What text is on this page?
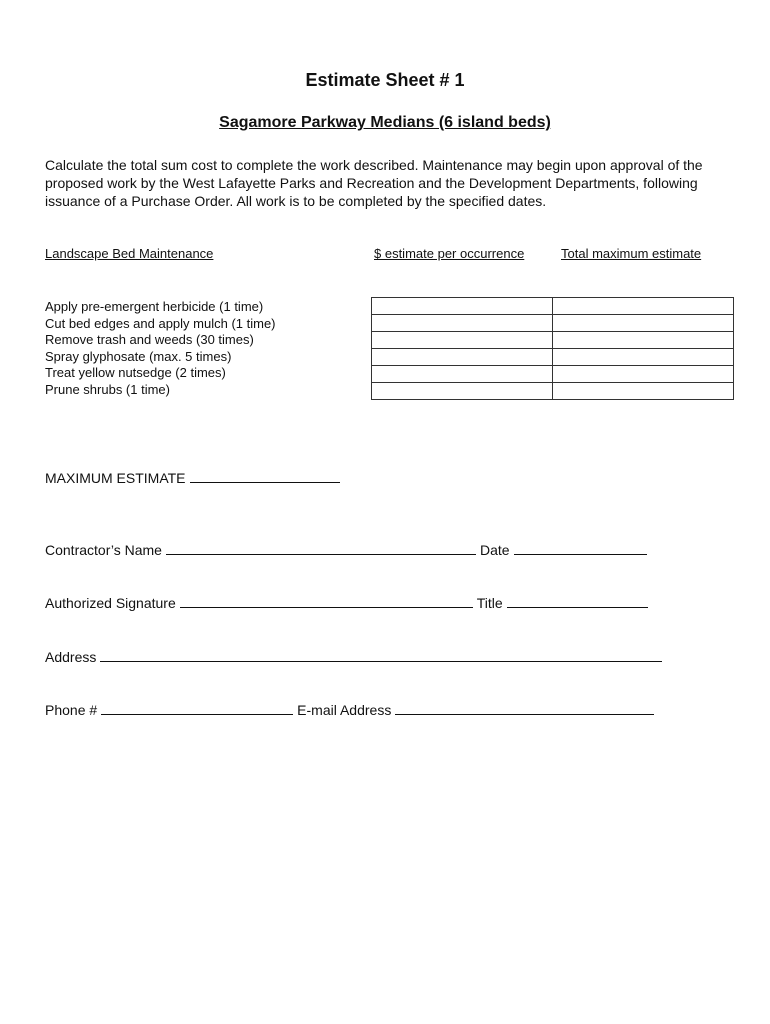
Estimate Sheet # 1
Sagamore Parkway Medians (6 island beds)
Calculate the total sum cost to complete the work described. Maintenance may begin upon approval of the proposed work by the West Lafayette Parks and Recreation and the Development Departments, following issuance of a Purchase Order. All work is to be completed by the specified dates.
Landscape Bed Maintenance	$ estimate per occurrence	Total maximum estimate
Apply pre-emergent herbicide (1 time)
Cut bed edges and apply mulch (1 time)
Remove trash and weeds (30 times)
Spray glyphosate (max. 5 times)
Treat yellow nutsedge (2 times)
Prune shrubs (1 time)

MAXIMUM ESTIMATE
Contractor’s Name	Date
Authorized Signature	Title
Address
Phone #	E-mail Address
